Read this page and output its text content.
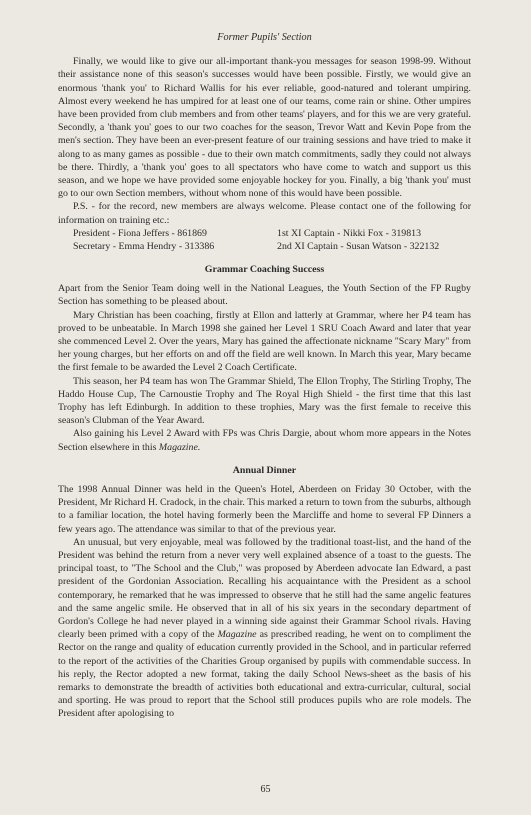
Former Pupils' Section

Finally, we would like to give our all-important thank-you messages for season 1998-99. Without their assistance none of this season's successes would have been possible. Firstly, we would give an enormous 'thank you' to Richard Wallis for his ever reliable, good-natured and tolerant umpiring. Almost every weekend he has umpired for at least one of our teams, come rain or shine. Other umpires have been provided from club members and from other teams' players, and for this we are very grateful. Secondly, a 'thank you' goes to our two coaches for the season, Trevor Watt and Kevin Pope from the men's section. They have been an ever-present feature of our training sessions and have tried to make it along to as many games as possible - due to their own match commitments, sadly they could not always be there. Thirdly, a 'thank you' goes to all spectators who have come to watch and support us this season, and we hope we have provided some enjoyable hockey for you. Finally, a big 'thank you' must go to our own Section members, without whom none of this would have been possible.

P.S. - for the record, new members are always welcome. Please contact one of the following for information on training etc.:

President - Fiona Jeffers - 861869	1st XI Captain - Nikki Fox - 319813
Secretary - Emma Hendry - 313386	2nd XI Captain - Susan Watson - 322132
Grammar Coaching Success

Apart from the Senior Team doing well in the National Leagues, the Youth Section of the FP Rugby Section has something to be pleased about.

Mary Christian has been coaching, firstly at Ellon and latterly at Grammar, where her P4 team has proved to be unbeatable. In March 1998 she gained her Level 1 SRU Coach Award and later that year she commenced Level 2. Over the years, Mary has gained the affectionate nickname "Scary Mary" from her young charges, but her efforts on and off the field are well known. In March this year, Mary became the first female to be awarded the Level 2 Coach Certificate.

This season, her P4 team has won The Grammar Shield, The Ellon Trophy, The Stirling Trophy, The Haddo House Cup, The Carnoustie Trophy and The Royal High Shield - the first time that this last Trophy has left Edinburgh. In addition to these trophies, Mary was the first female to receive this season's Clubman of the Year Award.

Also gaining his Level 2 Award with FPs was Chris Dargie, about whom more appears in the Notes Section elsewhere in this Magazine.

Annual Dinner

The 1998 Annual Dinner was held in the Queen's Hotel, Aberdeen on Friday 30 October, with the President, Mr Richard H. Cradock, in the chair. This marked a return to town from the suburbs, although to a familiar location, the hotel having formerly been the Marcliffe and home to several FP Dinners a few years ago. The attendance was similar to that of the previous year.

An unusual, but very enjoyable, meal was followed by the traditional toast-list, and the hand of the President was behind the return from a never very well explained absence of a toast to the guests. The principal toast, to "The School and the Club," was proposed by Aberdeen advocate Ian Edward, a past president of the Gordonian Association. Recalling his acquaintance with the President as a school contemporary, he remarked that he was impressed to observe that he still had the same angelic features and the same angelic smile. He observed that in all of his six years in the secondary department of Gordon's College he had never played in a winning side against their Grammar School rivals. Having clearly been primed with a copy of the Magazine as prescribed reading, he went on to compliment the Rector on the range and quality of education currently provided in the School, and in particular referred to the report of the activities of the Charities Group organised by pupils with commendable success. In his reply, the Rector adopted a new format, taking the daily School News-sheet as the basis of his remarks to demonstrate the breadth of activities both educational and extra-curricular, cultural, social and sporting. He was proud to report that the School still produces pupils who are role models. The President after apologising to

65
